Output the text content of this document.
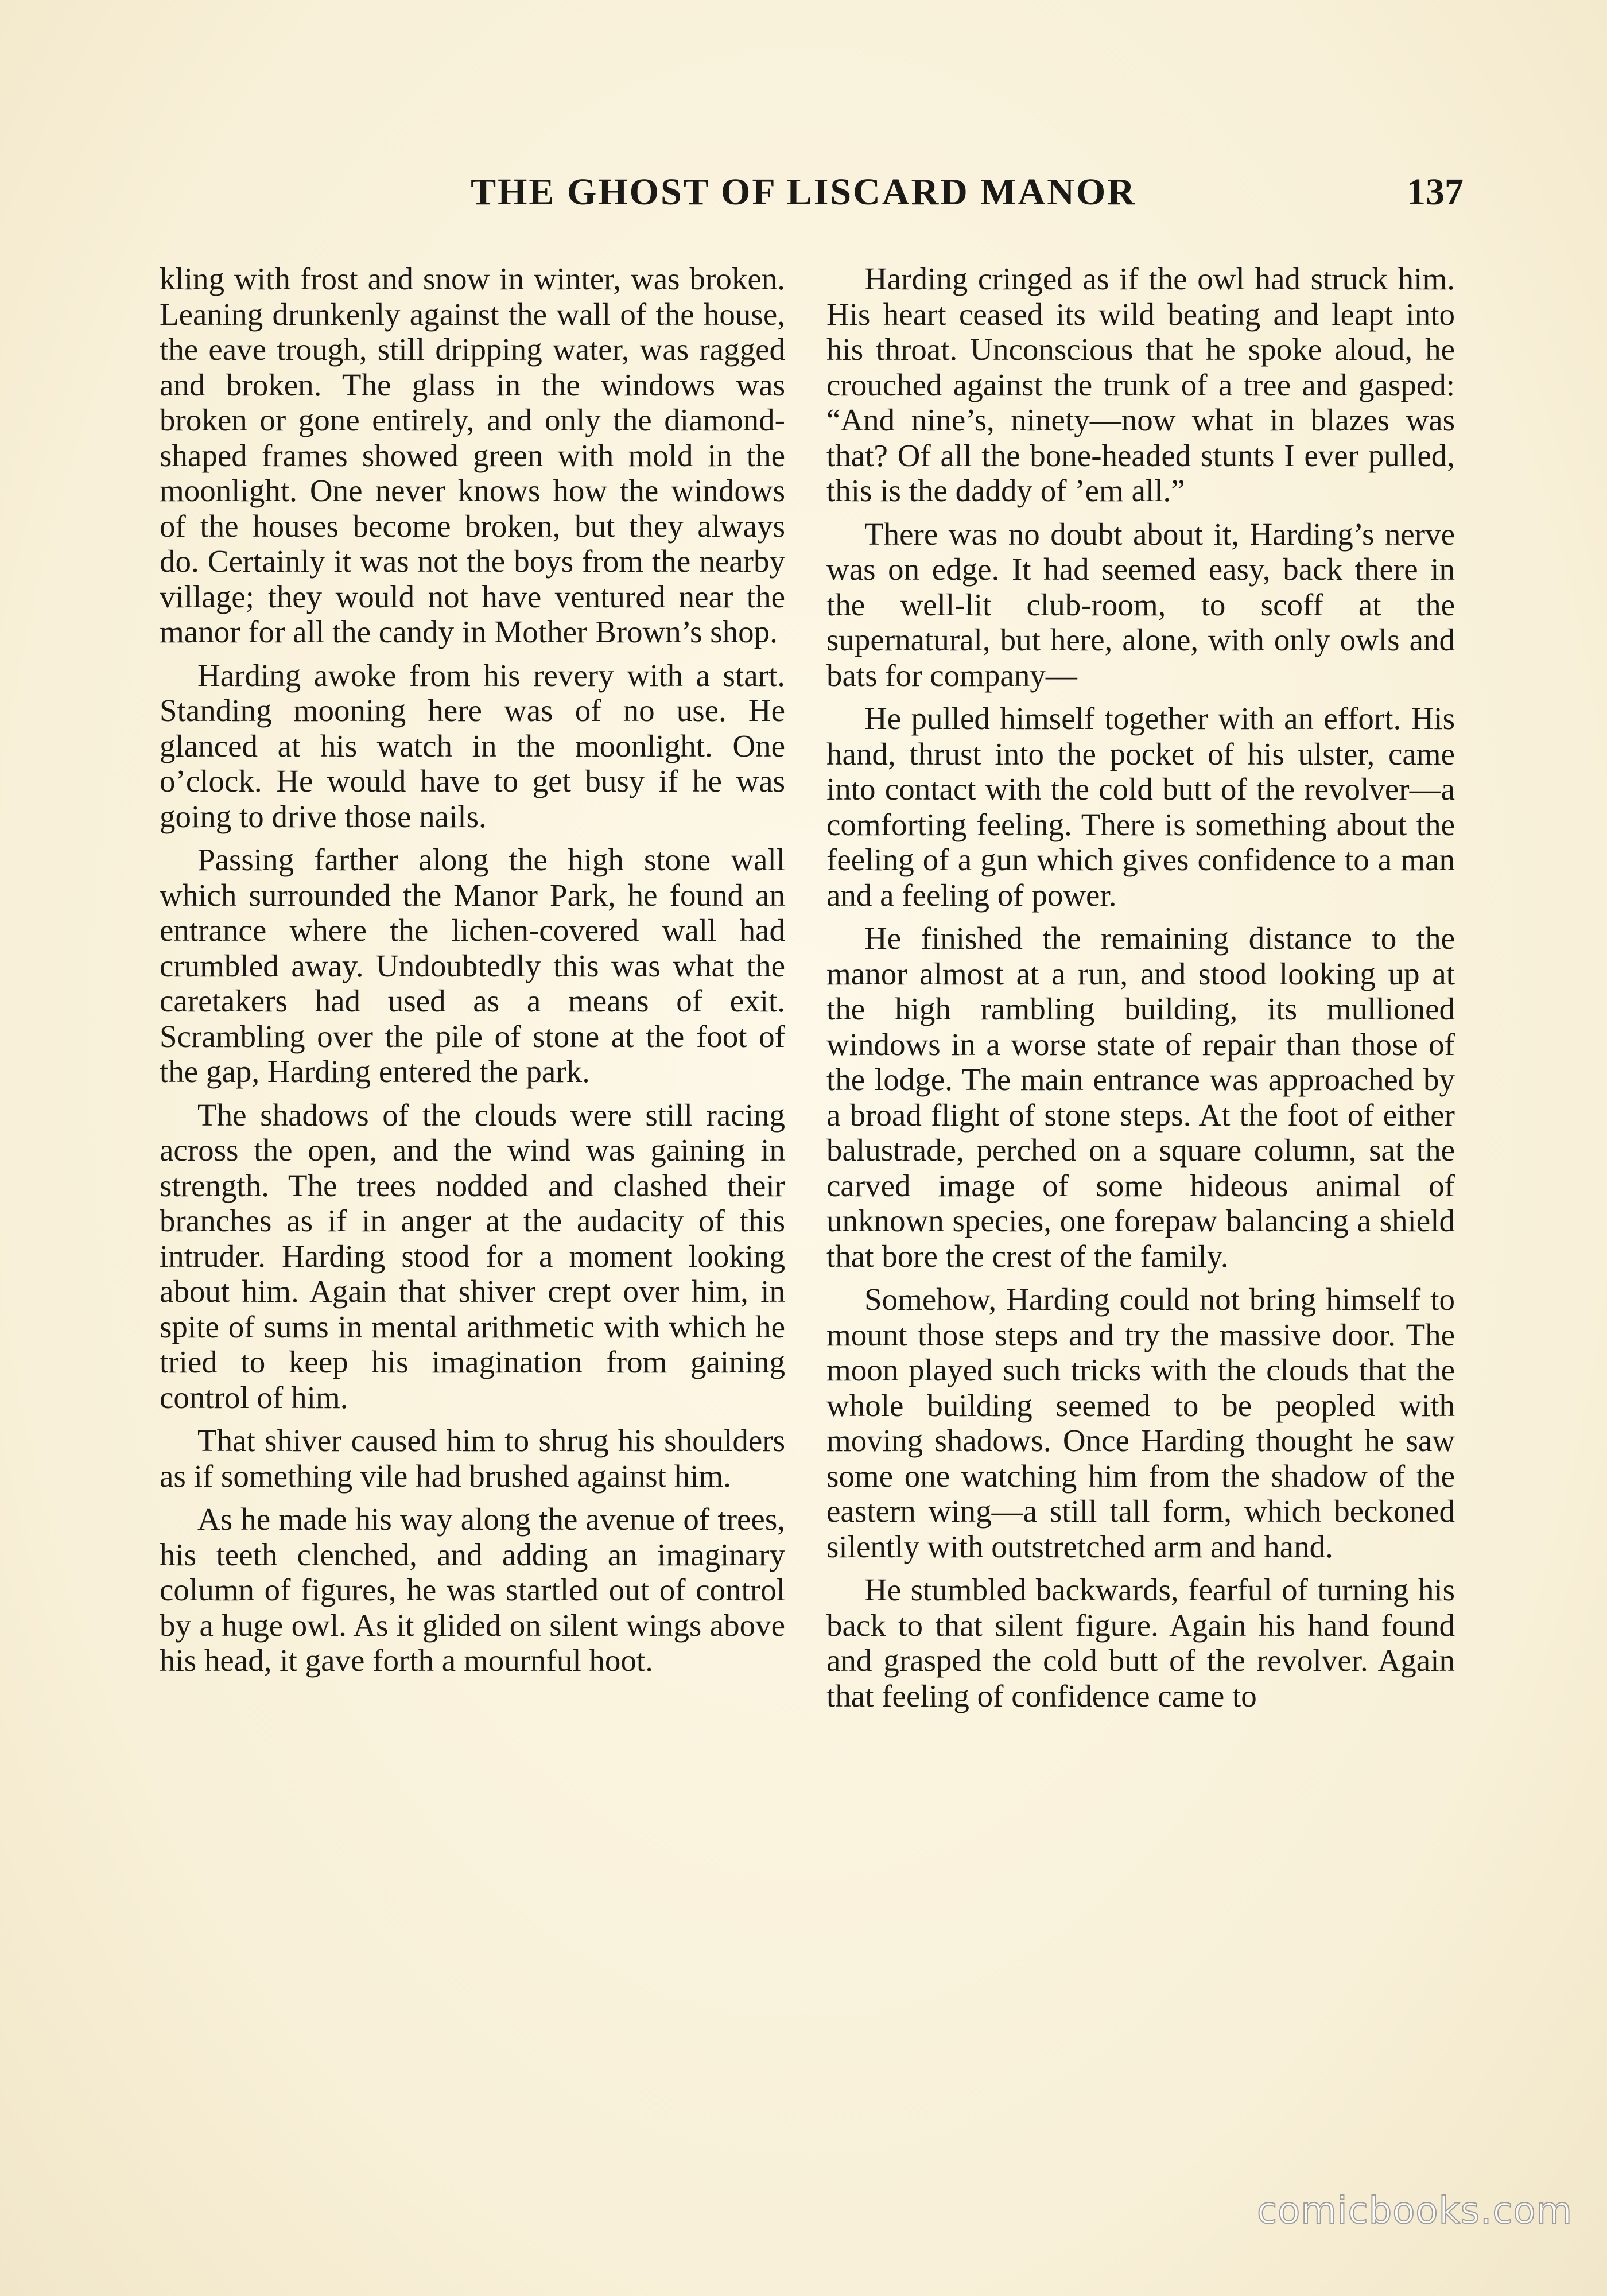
THE GHOST OF LISCARD MANOR	137

kling with frost and snow in winter, was broken. Leaning drunkenly against the wall of the house, the eave trough, still dripping water, was ragged and broken. The glass in the windows was broken or gone entirely, and only the diamond-shaped frames showed green with mold in the moonlight. One never knows how the windows of the houses become broken, but they always do. Certainly it was not the boys from the nearby village; they would not have ventured near the manor for all the candy in Mother Brown’s shop.

Harding awoke from his revery with a start. Standing mooning here was of no use. He glanced at his watch in the moonlight. One o’clock. He would have to get busy if he was going to drive those nails.

Passing farther along the high stone wall which surrounded the Manor Park, he found an entrance where the lichen-covered wall had crumbled away. Undoubtedly this was what the caretakers had used as a means of exit. Scrambling over the pile of stone at the foot of the gap, Harding entered the park.

The shadows of the clouds were still racing across the open, and the wind was gaining in strength. The trees nodded and clashed their branches as if in anger at the audacity of this intruder. Harding stood for a moment looking about him. Again that shiver crept over him, in spite of sums in mental arithmetic with which he tried to keep his imagination from gaining control of him.

That shiver caused him to shrug his shoulders as if something vile had brushed against him.

As he made his way along the avenue of trees, his teeth clenched, and adding an imaginary column of figures, he was startled out of control by a huge owl. As it glided on silent wings above his head, it gave forth a mournful hoot.

Harding cringed as if the owl had struck him. His heart ceased its wild beating and leapt into his throat. Unconscious that he spoke aloud, he crouched against the trunk of a tree and gasped: “And nine’s, ninety—now what in blazes was that? Of all the bone-headed stunts I ever pulled, this is the daddy of ’em all.”

There was no doubt about it, Harding’s nerve was on edge. It had seemed easy, back there in the well-lit club-room, to scoff at the supernatural, but here, alone, with only owls and bats for company—

He pulled himself together with an effort. His hand, thrust into the pocket of his ulster, came into contact with the cold butt of the revolver—a comforting feeling. There is something about the feeling of a gun which gives confidence to a man and a feeling of power.

He finished the remaining distance to the manor almost at a run, and stood looking up at the high rambling building, its mullioned windows in a worse state of repair than those of the lodge. The main entrance was approached by a broad flight of stone steps. At the foot of either balustrade, perched on a square column, sat the carved image of some hideous animal of unknown species, one forepaw balancing a shield that bore the crest of the family.

Somehow, Harding could not bring himself to mount those steps and try the massive door. The moon played such tricks with the clouds that the whole building seemed to be peopled with moving shadows. Once Harding thought he saw some one watching him from the shadow of the eastern wing—a still tall form, which beckoned silently with outstretched arm and hand.

He stumbled backwards, fearful of turning his back to that silent figure. Again his hand found and grasped the cold butt of the revolver. Again that feeling of confidence came to

comicbooks.com
